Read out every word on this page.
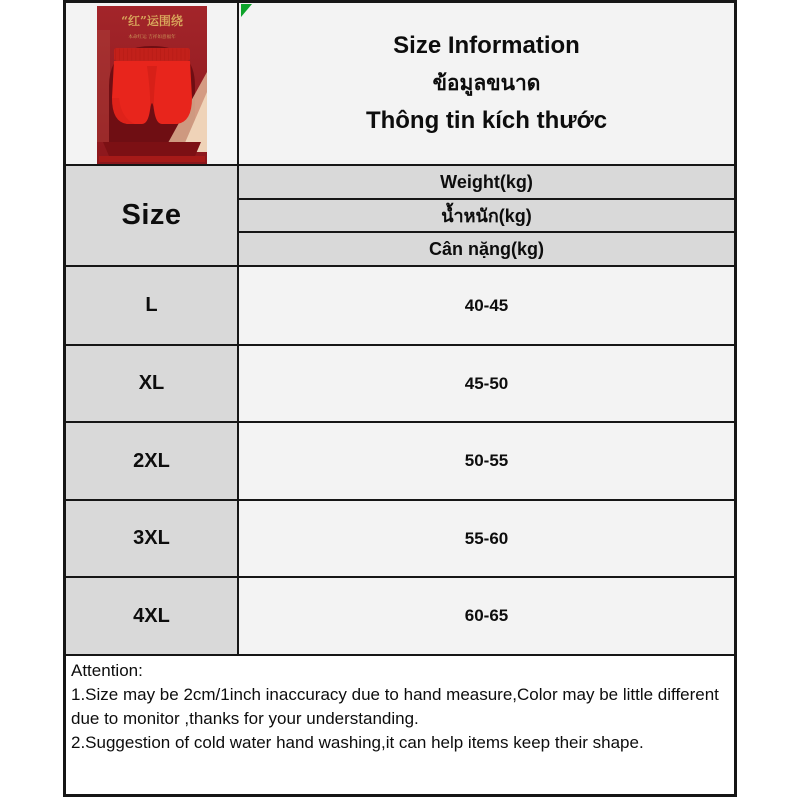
“红”运围绕
本命红运 吉祥如意福年	Size Information
ข้อมูลขนาด
Thông tin kích thước
Size
Weight(kg)
น้ำหนัก(kg)
Cân nặng(kg)
L	40-45
XL	45-50
2XL	50-55
3XL	55-60
4XL	60-65
Attention:

1.Size may be 2cm/1inch inaccuracy due to hand measure,Color may be little different due to monitor ,thanks for your understanding.

2.Suggestion of cold water hand washing,it can help items keep their shape.
